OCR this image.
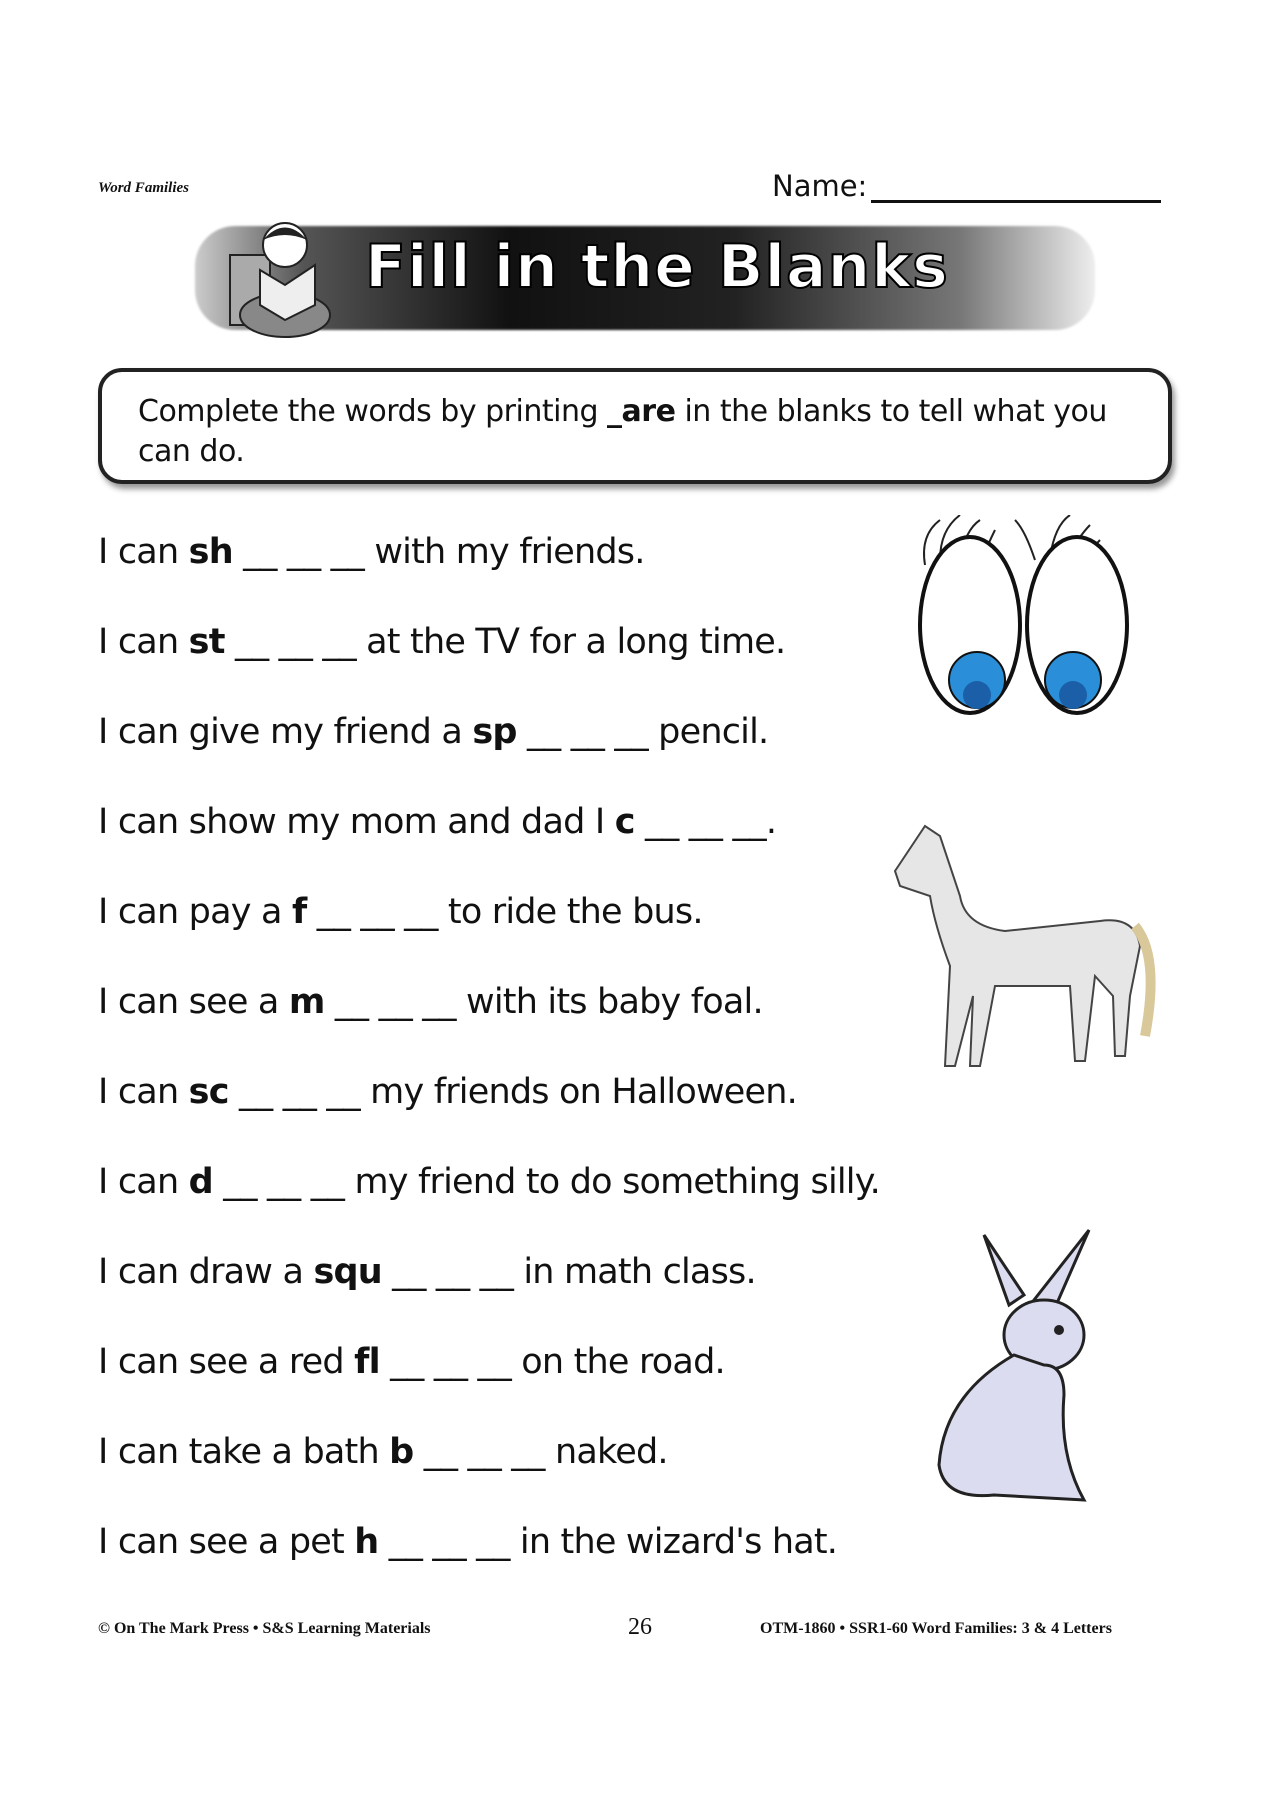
Word Families	Name:
Fill in the Blanks
Complete the words by printing _are in the blanks to tell what you can do.
I can sh __ __ __ with my friends.
I can st __ __ __ at the TV for a long time.
I can give my friend a sp __ __ __ pencil.
I can show my mom and dad I c __ __ __.
I can pay a f __ __ __ to ride the bus.
I can see a m __ __ __ with its baby foal.
I can sc __ __ __ my friends on Halloween.
I can d __ __ __ my friend to do something silly.
I can draw a squ __ __ __ in math class.
I can see a red fl __ __ __ on the road.
I can take a bath b __ __ __ naked.
I can see a pet h __ __ __ in the wizard's hat.
© On The Mark Press • S&S Learning Materials	26	OTM-1860 • SSR1-60 Word Families: 3 & 4 Letters
